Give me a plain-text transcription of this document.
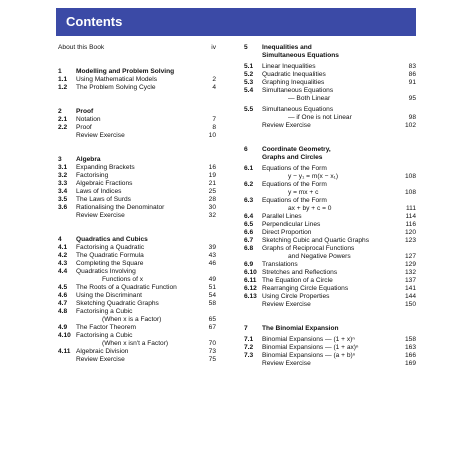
Contents
About this Book	iv
1	Modelling and Problem Solving
1.1	Using Mathematical Models	2
1.2	The Problem Solving Cycle	4
2	Proof
2.1	Notation	7
2.2	Proof	8
Review Exercise	10
3	Algebra
3.1	Expanding Brackets	16
3.2	Factorising	19
3.3	Algebraic Fractions	21
3.4	Laws of Indices	25
3.5	The Laws of Surds	28
3.6	Rationalising the Denominator	30
Review Exercise	32
4	Quadratics and Cubics
4.1	Factorising a Quadratic	39
4.2	The Quadratic Formula	43
4.3	Completing the Square	46
4.4	Quadratics Involving
Functions of x	49
4.5	The Roots of a Quadratic Function	51
4.6	Using the Discriminant	54
4.7	Sketching Quadratic Graphs	58
4.8	Factorising a Cubic
(When x is a Factor)	65
4.9	The Factor Theorem	67
4.10 Factorising a Cubic
(When x isn't a Factor)	70
4.11 Algebraic Division	73
Review Exercise	75
5	Inequalities and
Simultaneous Equations
5.1	Linear Inequalities	83
5.2	Quadratic Inequalities	86
5.3	Graphing Inequalities	91
5.4	Simultaneous Equations
— Both Linear	95
5.5	Simultaneous Equations
— if One is not Linear	98
Review Exercise	102
6	Coordinate Geometry,
Graphs and Circles
6.1	Equations of the Form
y − y₁ = m(x − x₁)	108
6.2	Equations of the Form
y = mx + c	108
6.3	Equations of the Form
ax + by + c = 0	111
6.4	Parallel Lines	114
6.5	Perpendicular Lines	116
6.6	Direct Proportion	120
6.7	Sketching Cubic and Quartic Graphs	123
6.8	Graphs of Reciprocal Functions
and Negative Powers	127
6.9	Translations	129
6.10 Stretches and Reflections	132
6.11 The Equation of a Circle	137
6.12 Rearranging Circle Equations	141
6.13 Using Circle Properties	144
Review Exercise	150
7	The Binomial Expansion
7.1	Binomial Expansions — (1 + x)ⁿ	158
7.2	Binomial Expansions — (1 + ax)ⁿ	163
7.3	Binomial Expansions — (a + b)ⁿ	166
Review Exercise	169
